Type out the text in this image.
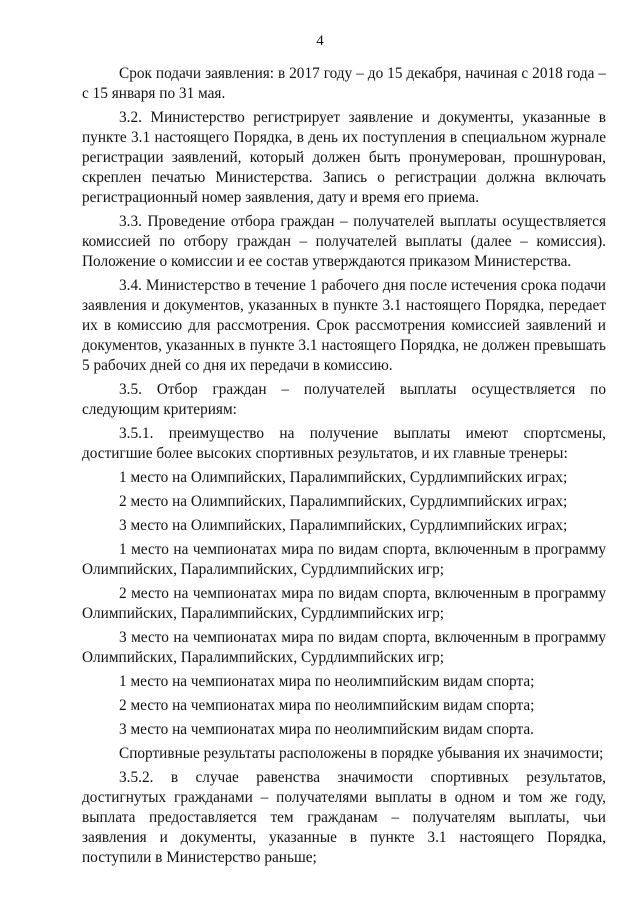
4

Срок подачи заявления: в 2017 году – до 15 декабря, начиная с 2018 года – с 15 января по 31 мая.

3.2. Министерство регистрирует заявление и документы, указанные в пункте 3.1 настоящего Порядка, в день их поступления в специальном журнале регистрации заявлений, который должен быть пронумерован, прошнурован, скреплен печатью Министерства. Запись о регистрации должна включать регистрационный номер заявления, дату и время его приема.

3.3. Проведение отбора граждан – получателей выплаты осуществляется комиссией по отбору граждан – получателей выплаты (далее – комиссия). Положение о комиссии и ее состав утверждаются приказом Министерства.

3.4. Министерство в течение 1 рабочего дня после истечения срока подачи заявления и документов, указанных в пункте 3.1 настоящего Порядка, передает их в комиссию для рассмотрения. Срок рассмотрения комиссией заявлений и документов, указанных в пункте 3.1 настоящего Порядка, не должен превышать 5 рабочих дней со дня их передачи в комиссию.

3.5. Отбор граждан – получателей выплаты осуществляется по следующим критериям:

3.5.1. преимущество на получение выплаты имеют спортсмены, достигшие более высоких спортивных результатов, и их главные тренеры:

1 место на Олимпийских, Паралимпийских, Сурдлимпийских играх;

2 место на Олимпийских, Паралимпийских, Сурдлимпийских играх;

3 место на Олимпийских, Паралимпийских, Сурдлимпийских играх;

1 место на чемпионатах мира по видам спорта, включенным в программу Олимпийских, Паралимпийских, Сурдлимпийских игр;

2 место на чемпионатах мира по видам спорта, включенным в программу Олимпийских, Паралимпийских, Сурдлимпийских игр;

3 место на чемпионатах мира по видам спорта, включенным в программу Олимпийских, Паралимпийских, Сурдлимпийских игр;

1 место на чемпионатах мира по неолимпийским видам спорта;

2 место на чемпионатах мира по неолимпийским видам спорта;

3 место на чемпионатах мира по неолимпийским видам спорта.

Спортивные результаты расположены в порядке убывания их значимости;

3.5.2. в случае равенства значимости спортивных результатов, достигнутых гражданами – получателями выплаты в одном и том же году, выплата предоставляется тем гражданам – получателям выплаты, чьи заявления и документы, указанные в пункте 3.1 настоящего Порядка, поступили в Министерство раньше;
